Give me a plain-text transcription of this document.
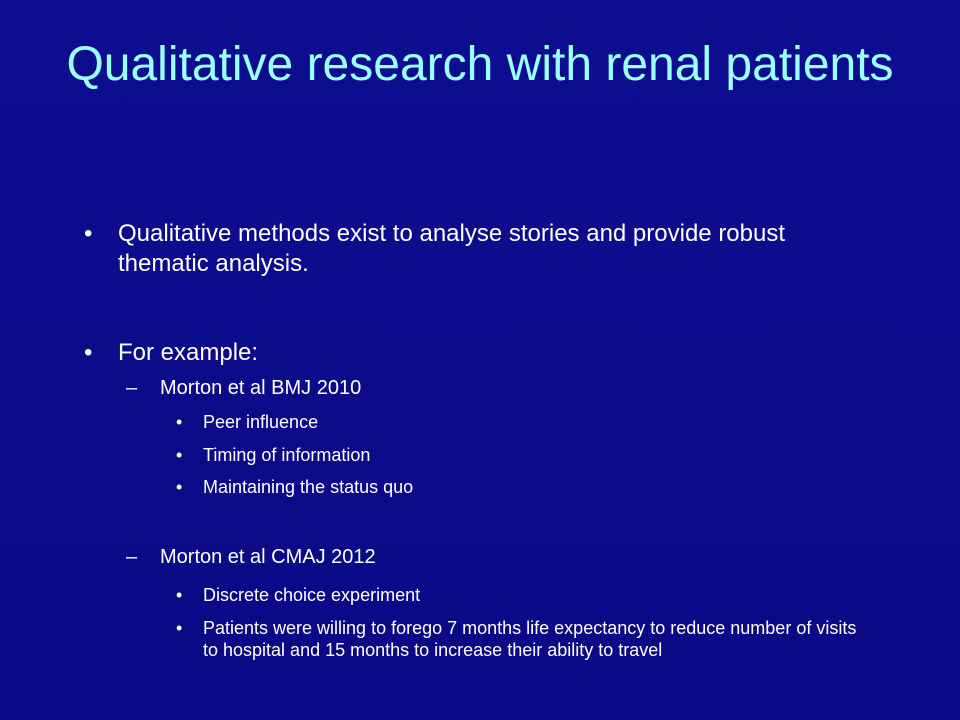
Qualitative research with renal patients
•	Qualitative methods exist to analyse stories and provide robust thematic analysis.
•	For example:
–	Morton et al BMJ 2010
•	Peer influence
•	Timing of information
•	Maintaining the status quo
–	Morton et al CMAJ 2012
•	Discrete choice experiment
•	Patients were willing to forego 7 months life expectancy to reduce number of visits to hospital and 15 months to increase their ability to travel
